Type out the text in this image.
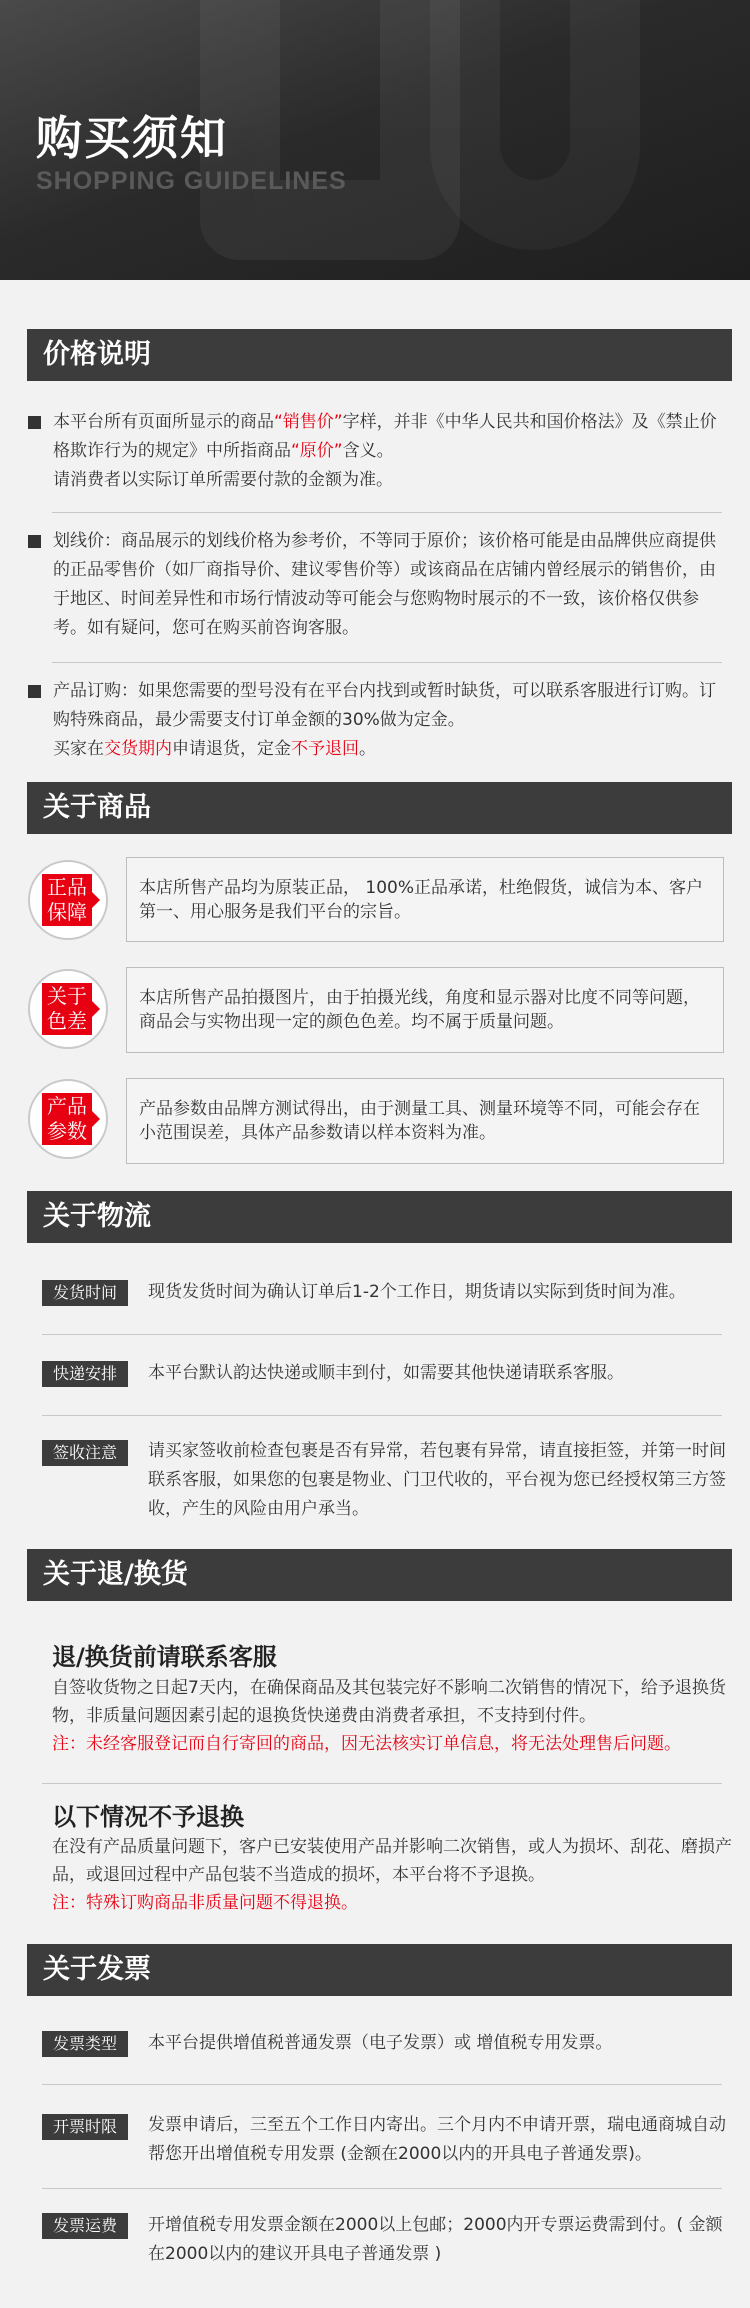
购买须知
SHOPPING GUIDELINES
价格说明
本平台所有页面所显示的商品“销售价”字样，并非《中华人民共和国价格法》及《禁止价格欺诈行为的规定》中所指商品“原价”含义。
请消费者以实际订单所需要付款的金额为准。
划线价：商品展示的划线价格为参考价，不等同于原价；该价格可能是由品牌供应商提供的正品零售价（如厂商指导价、建议零售价等）或该商品在店铺内曾经展示的销售价，由于地区、时间差异性和市场行情波动等可能会与您购物时展示的不一致，该价格仅供参考。如有疑问，您可在购买前咨询客服。
产品订购：如果您需要的型号没有在平台内找到或暂时缺货，可以联系客服进行订购。订购特殊商品，最少需要支付订单金额的30%做为定金。
买家在交货期内申请退货，定金不予退回。
关于商品
正品保障
本店所售产品均为原装正品， 100%正品承诺，杜绝假货，诚信为本、客户第一、用心服务是我们平台的宗旨。
关于色差
本店所售产品拍摄图片，由于拍摄光线，角度和显示器对比度不同等问题，商品会与实物出现一定的颜色色差。均不属于质量问题。
产品参数
产品参数由品牌方测试得出，由于测量工具、测量环境等不同，可能会存在小范围误差，具体产品参数请以样本资料为准。
关于物流
发货时间	现货发货时间为确认订单后1-2个工作日，期货请以实际到货时间为准。
快递安排	本平台默认韵达快递或顺丰到付，如需要其他快递请联系客服。
签收注意	请买家签收前检查包裹是否有异常，若包裹有异常，请直接拒签，并第一时间联系客服，如果您的包裹是物业、门卫代收的，平台视为您已经授权第三方签收，产生的风险由用户承当。
关于退/换货
退/换货前请联系客服
自签收货物之日起7天内，在确保商品及其包装完好不影响二次销售的情况下，给予退换货物，非质量问题因素引起的退换货快递费由消费者承担，不支持到付件。
注：未经客服登记而自行寄回的商品，因无法核实订单信息，将无法处理售后问题。
以下情况不予退换
在没有产品质量问题下，客户已安装使用产品并影响二次销售，或人为损坏、刮花、磨损产品，或退回过程中产品包装不当造成的损坏，本平台将不予退换。
注：特殊订购商品非质量问题不得退换。
关于发票
发票类型	本平台提供增值税普通发票（电子发票）或 增值税专用发票。
开票时限	发票申请后，三至五个工作日内寄出。三个月内不申请开票，瑞电通商城自动帮您开出增值税专用发票 (金额在2000以内的开具电子普通发票)。
发票运费	开增值税专用发票金额在2000以上包邮；2000内开专票运费需到付。( 金额在2000以内的建议开具电子普通发票 )
